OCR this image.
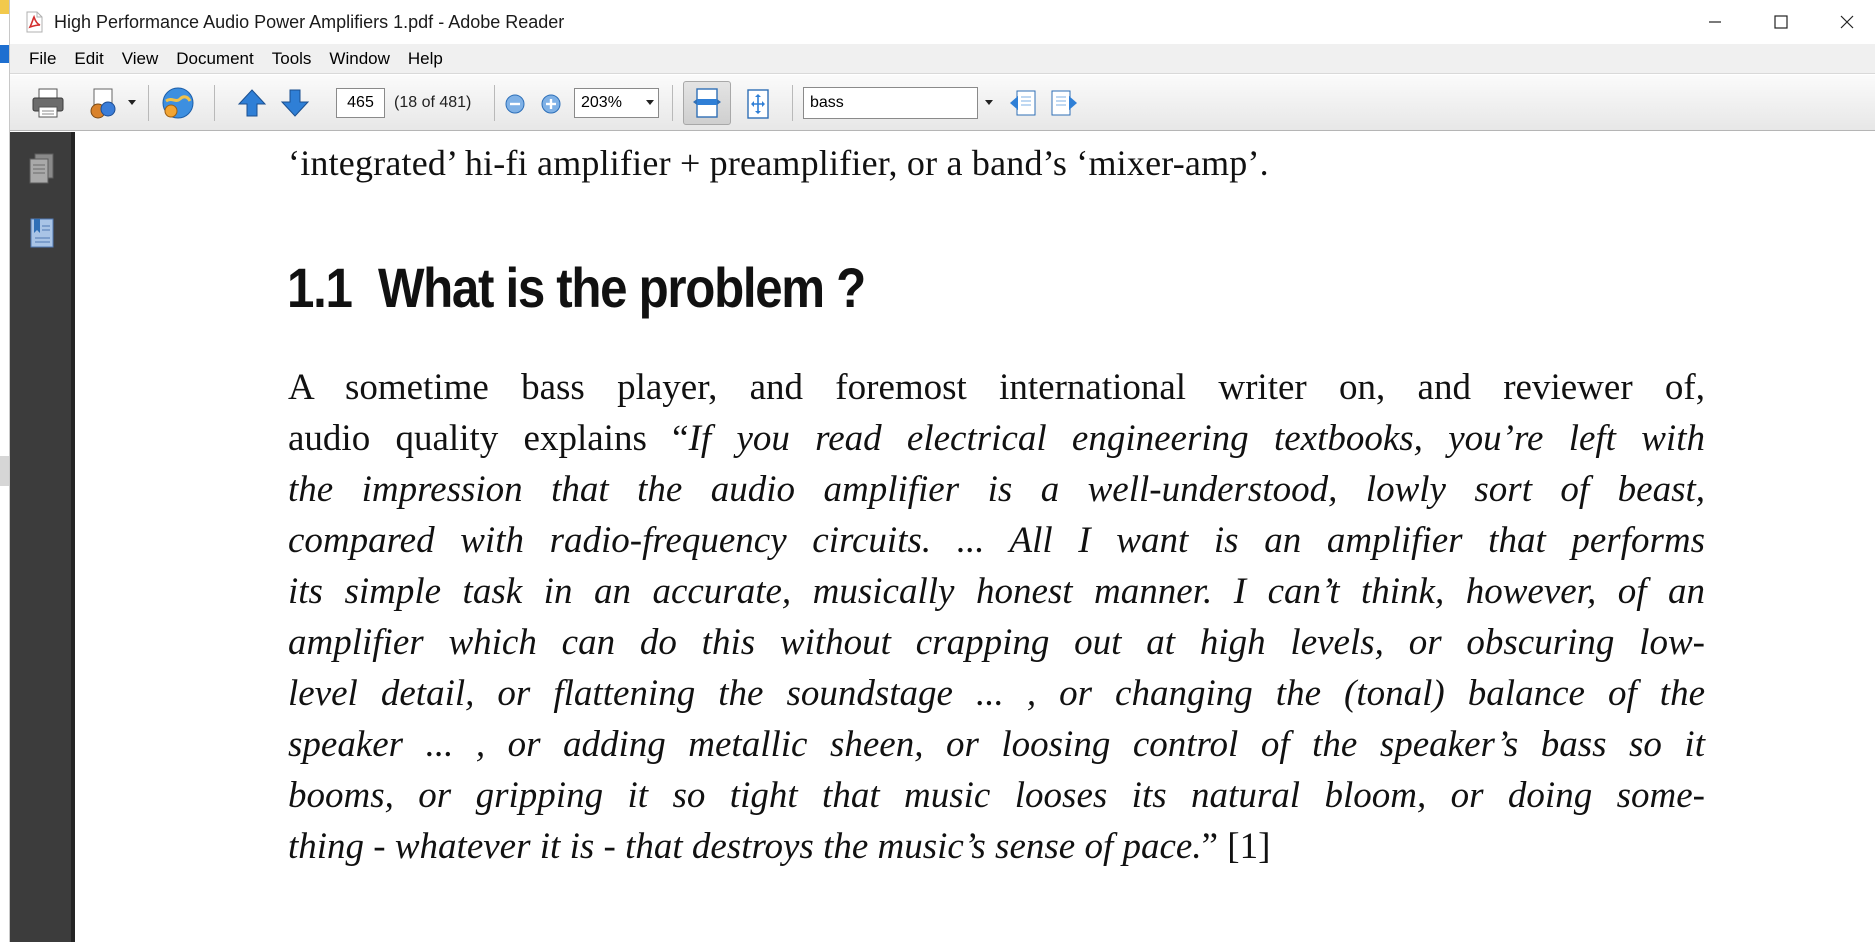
High Performance Audio Power Amplifiers 1.pdf - Adobe Reader
File	Edit	View	Document	Tools	Window	Help
465	(18 of 481)	203%	bass
‘integrated’ hi-fi amplifier + preamplifier, or a band’s ‘mixer-amp’.
1.1 What is the problem ?
A sometime bass player, and foremost international writer on, and reviewer of,
audio quality explains “If you read electrical engineering textbooks, you’re left with
the impression that the audio amplifier is a well-understood, lowly sort of beast,
compared with radio-frequency circuits. ... All I want is an amplifier that performs
its simple task in an accurate, musically honest manner. I can’t think, however, of an
amplifier which can do this without crapping out at high levels, or obscuring low-
level detail, or flattening the soundstage ... , or changing the (tonal) balance of the
speaker ... , or adding metallic sheen, or loosing control of the speaker’s bass so it
booms, or gripping it so tight that music looses its natural bloom, or doing some-
thing - whatever it is - that destroys the music’s sense of pace.” [1]
